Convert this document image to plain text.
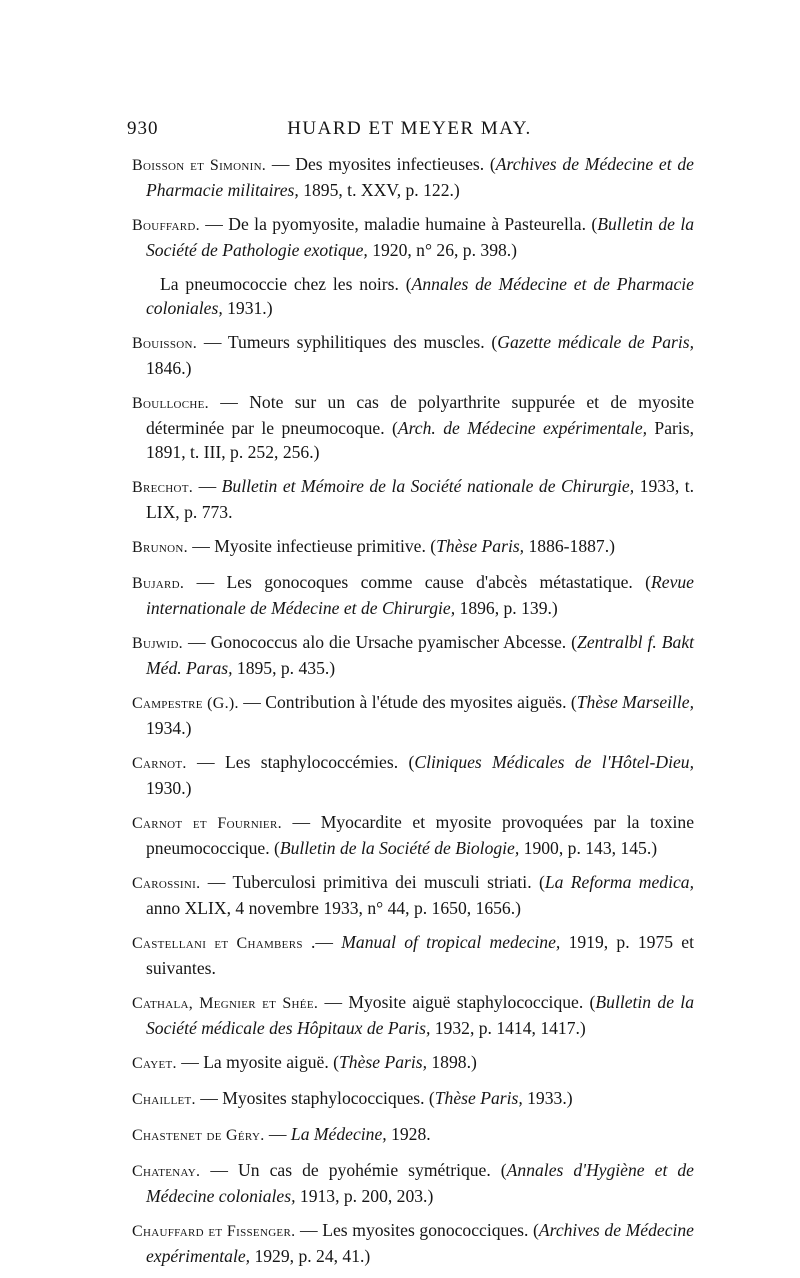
930	HUARD ET MEYER MAY.

Boisson et Simonin. — Des myosites infectieuses. (Archives de Médecine et de Pharmacie militaires, 1895, t. XXV, p. 122.)

Bouffard. — De la pyomyosite, maladie humaine à Pasteurella. (Bulletin de la Société de Pathologie exotique, 1920, n° 26, p. 398.)

La pneumococcie chez les noirs. (Annales de Médecine et de Pharmacie coloniales, 1931.)

Bouisson. — Tumeurs syphilitiques des muscles. (Gazette médicale de Paris, 1846.)

Boulloche. — Note sur un cas de polyarthrite suppurée et de myosite déterminée par le pneumocoque. (Arch. de Médecine expérimentale, Paris, 1891, t. III, p. 252, 256.)

Brechot. — Bulletin et Mémoire de la Société nationale de Chirurgie, 1933, t. LIX, p. 773.

Brunon. — Myosite infectieuse primitive. (Thèse Paris, 1886-1887.)

Bujard. — Les gonocoques comme cause d'abcès métastatique. (Revue internationale de Médecine et de Chirurgie, 1896, p. 139.)

Bujwid. — Gonococcus alo die Ursache pyamischer Abcesse. (Zentralbl f. Bakt Méd. Paras, 1895, p. 435.)

Campestre (G.). — Contribution à l'étude des myosites aiguës. (Thèse Marseille, 1934.)

Carnot. — Les staphylococcémies. (Cliniques Médicales de l'Hôtel-Dieu, 1930.)

Carnot et Fournier. — Myocardite et myosite provoquées par la toxine pneumococcique. (Bulletin de la Société de Biologie, 1900, p. 143, 145.)

Carossini. — Tuberculosi primitiva dei musculi striati. (La Reforma medica, anno XLIX, 4 novembre 1933, n° 44, p. 1650, 1656.)

Castellani et Chambers .— Manual of tropical medecine, 1919, p. 1975 et suivantes.

Cathala, Megnier et Shée. — Myosite aiguë staphylococcique. (Bulletin de la Société médicale des Hôpitaux de Paris, 1932, p. 1414, 1417.)

Cayet. — La myosite aiguë. (Thèse Paris, 1898.)

Chaillet. — Myosites staphylococciques. (Thèse Paris, 1933.)

Chastenet de Géry. — La Médecine, 1928.

Chatenay. — Un cas de pyohémie symétrique. (Annales d'Hygiène et de Médecine coloniales, 1913, p. 200, 203.)

Chauffard et Fissenger. — Les myosites gonococciques. (Archives de Médecine expérimentale, 1929, p. 24, 41.)
